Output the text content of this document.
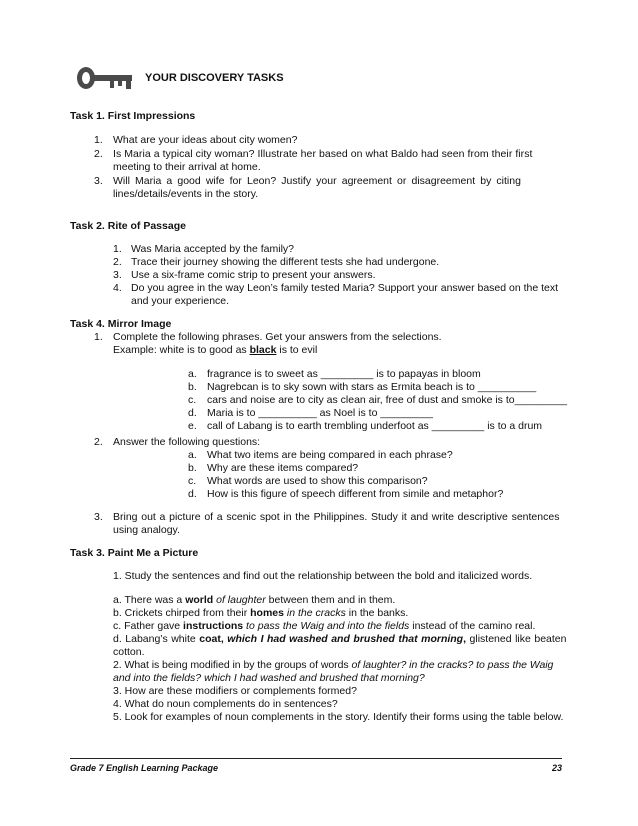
YOUR DISCOVERY TASKS
Task 1. First Impressions
1. What are your ideas about city women?
2. Is Maria a typical city woman? Illustrate her based on what Baldo had seen from their first
meeting to their arrival at home.
3. Will Maria a good wife for Leon? Justify your agreement or disagreement by citing
lines/details/events in the story.
Task 2. Rite of Passage
1. Was Maria accepted by the family?
2. Trace their journey showing the different tests she had undergone.
3. Use a six-frame comic strip to present your answers.
4. Do you agree in the way Leon’s family tested Maria? Support your answer based on the text
and your experience.
Task 4. Mirror Image
1. Complete the following phrases. Get your answers from the selections.
Example: white is to good as black is to evil
a. fragrance is to sweet as _________ is to papayas in bloom
b. Nagrebcan is to sky sown with stars as Ermita beach is to __________
c. cars and noise are to city as clean air, free of dust and smoke is to_________
d. Maria is to __________ as Noel is to _________
e. call of Labang is to earth trembling underfoot as _________ is to a drum
2. Answer the following questions:
a. What two items are being compared in each phrase?
b. Why are these items compared?
c. What words are used to show this comparison?
d. How is this figure of speech different from simile and metaphor?
3. Bring out a picture of a scenic spot in the Philippines. Study it and write descriptive sentences
using analogy.
Task 3. Paint Me a Picture
1. Study the sentences and find out the relationship between the bold and italicized words.
a. There was a world of laughter between them and in them.
b. Crickets chirped from their homes in the cracks in the banks.
c. Father gave instructions to pass the Waig and into the fields instead of the camino real.
d. Labang’s white coat, which I had washed and brushed that morning, glistened like beaten
cotton.
2. What is being modified in by the groups of words of laughter? in the cracks? to pass the Waig
and into the fields? which I had washed and brushed that morning?
3. How are these modifiers or complements formed?
4. What do noun complements do in sentences?
5. Look for examples of noun complements in the story. Identify their forms using the table below.
Grade 7 English Learning Package	23
